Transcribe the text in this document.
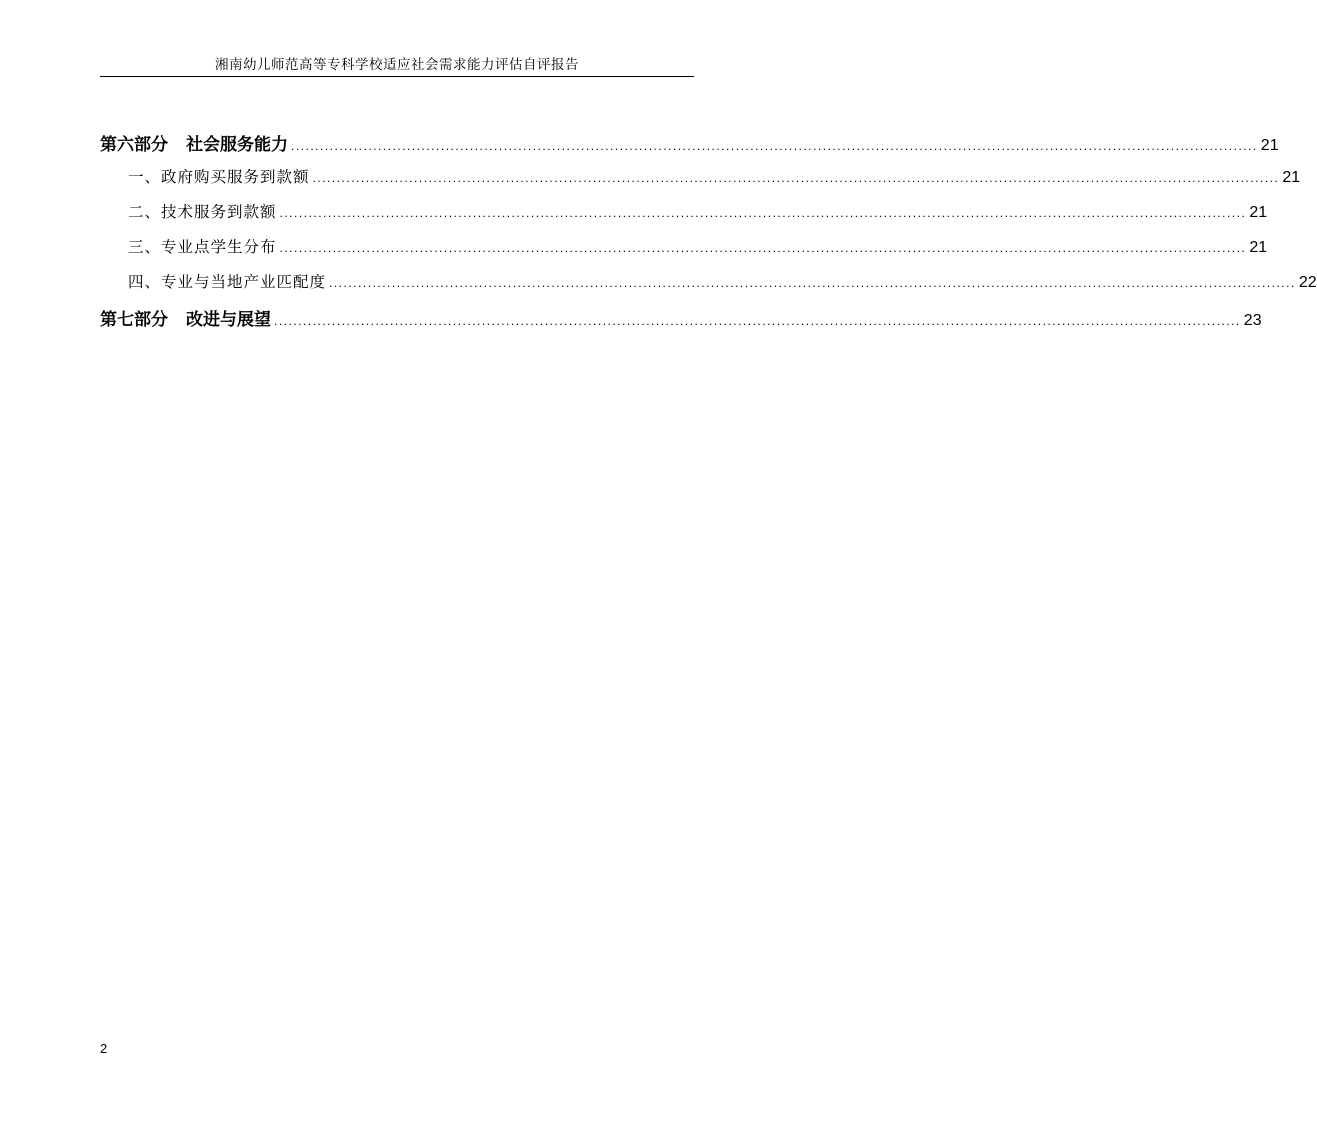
湘南幼儿师范高等专科学校适应社会需求能力评估自评报告
第六部分 社会服务能力 ........................................................................................................................................................................................................ 21
一、政府购买服务到款额 ........................................................................................................................................................................................................ 21
二、技术服务到款额 ........................................................................................................................................................................................................ 21
三、专业点学生分布 ........................................................................................................................................................................................................ 21
四、专业与当地产业匹配度 ........................................................................................................................................................................................................ 22
第七部分 改进与展望 ........................................................................................................................................................................................................ 23
2
